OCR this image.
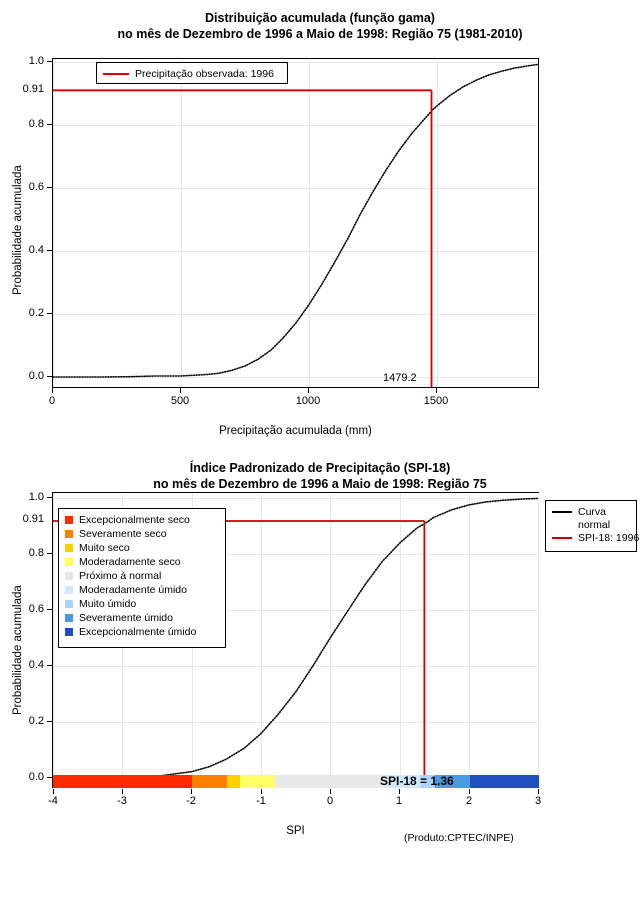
Distribuição acumulada (função gama)
no mês de Dezembro de 1996 a Maio de 1998: Região 75 (1981-2010)
Precipitação observada: 1996
0.0
0.2
0.4
0.6
0.8
1.0
0.91
0	500	1000	1500
1479.2
Precipitação acumulada (mm)
Probabilidade acumulada
Índice Padronizado de Precipitação (SPI-18)
no mês de Dezembro de 1996 a Maio de 1998: Região 75
Excepcionalmente seco
Severamente seco
Muito seco
Moderadamente seco
Próximo à normal
Moderadamente úmido
Muito úmido
Severamente úmido
Excepcionalmente úmido
Curva
normal
SPI-18: 1996
0.0
0.2
0.4
0.6
0.8
1.0
0.91
SPI-18 = 1.36
-4	-3	-2	-1	0	1	2	3
SPI
Probabilidade acumulada
(Produto:CPTEC/INPE)
